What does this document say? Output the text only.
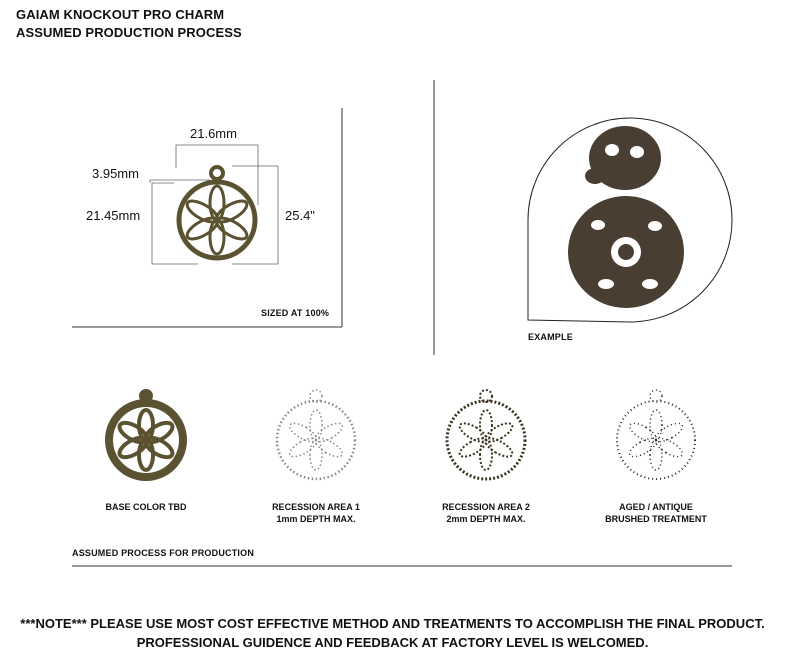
GAIAM KNOCKOUT PRO CHARM
ASSUMED PRODUCTION PROCESS
21.6mm
3.95mm
21.45mm	25.4"
SIZED AT 100%
EXAMPLE
BASE COLOR TBD	RECESSION AREA 1
1mm DEPTH MAX.
RECESSION AREA 2
2mm DEPTH MAX.
AGED / ANTIQUE
BRUSHED TREATMENT
ASSUMED PROCESS FOR PRODUCTION
***NOTE*** PLEASE USE MOST COST EFFECTIVE METHOD AND TREATMENTS TO ACCOMPLISH THE FINAL PRODUCT.
PROFESSIONAL GUIDENCE AND FEEDBACK AT FACTORY LEVEL IS WELCOMED.
